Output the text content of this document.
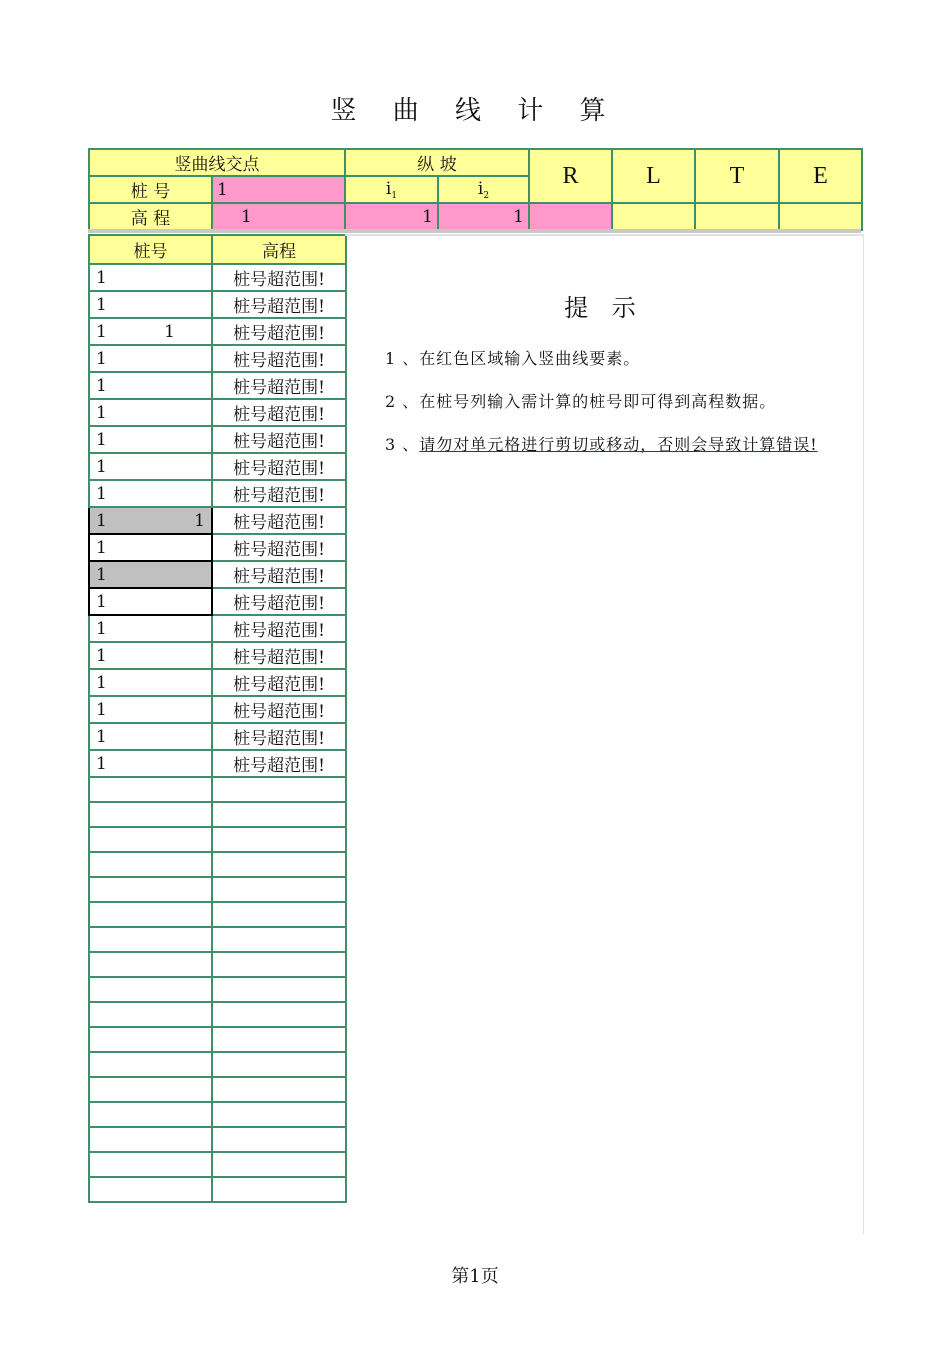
竖 曲 线 计 算
竖曲线交点		纵 坡		R	L	T	E
桩 号	1	$i_1$	$i_2$
高 程	1	1	1				
桩号	高程

1	桩号超范围!

1	桩号超范围!

1 1	桩号超范围!

1	桩号超范围!

1	桩号超范围!

1	桩号超范围!

1	桩号超范围!

1	桩号超范围!

1	桩号超范围!

1 1	桩号超范围!

1	桩号超范围!

1	桩号超范围!

1	桩号超范围!

1	桩号超范围!

1	桩号超范围!

1	桩号超范围!

1	桩号超范围!

1	桩号超范围!

1	桩号超范围!

提 示
1 、在红色区域输入竖曲线要素。
2 、在桩号列输入需计算的桩号即可得到高程数据。
3 、请勿对单元格进行剪切或移动，否则会导致计算错误!
第1页
